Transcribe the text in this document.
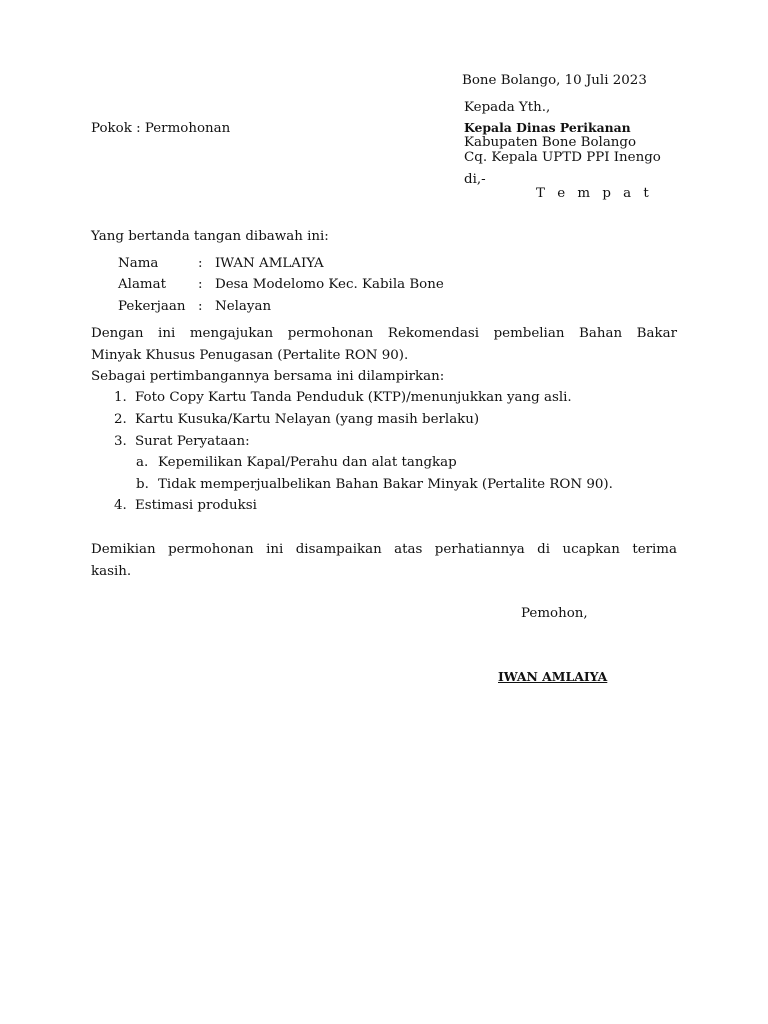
Bone Bolango, 10 Juli 2023
Kepada Yth.,
Kepala Dinas Perikanan
Kabupaten Bone Bolango
Cq. Kepala UPTD PPI Inengo
di,-
T e m p a t
Pokok : Permohonan
Yang bertanda tangan dibawah ini:
Nama	: IWAN AMLAIYA
Alamat : Desa Modelomo Kec. Kabila Bone
Pekerjaan : Nelayan
Dengan ini mengajukan permohonan Rekomendasi pembelian Bahan Bakar
Minyak Khusus Penugasan (Pertalite RON 90).
Sebagai pertimbangannya bersama ini dilampirkan:
1. Foto Copy Kartu Tanda Penduduk (KTP)/menunjukkan yang asli.
2. Kartu Kusuka/Kartu Nelayan (yang masih berlaku)
3. Surat Peryataan:
a. Kepemilikan Kapal/Perahu dan alat tangkap
b. Tidak memperjualbelikan Bahan Bakar Minyak (Pertalite RON 90).
4. Estimasi produksi
Demikian permohonan ini disampaikan atas perhatiannya di ucapkan terima
kasih.
Pemohon,
IWAN AMLAIYA
